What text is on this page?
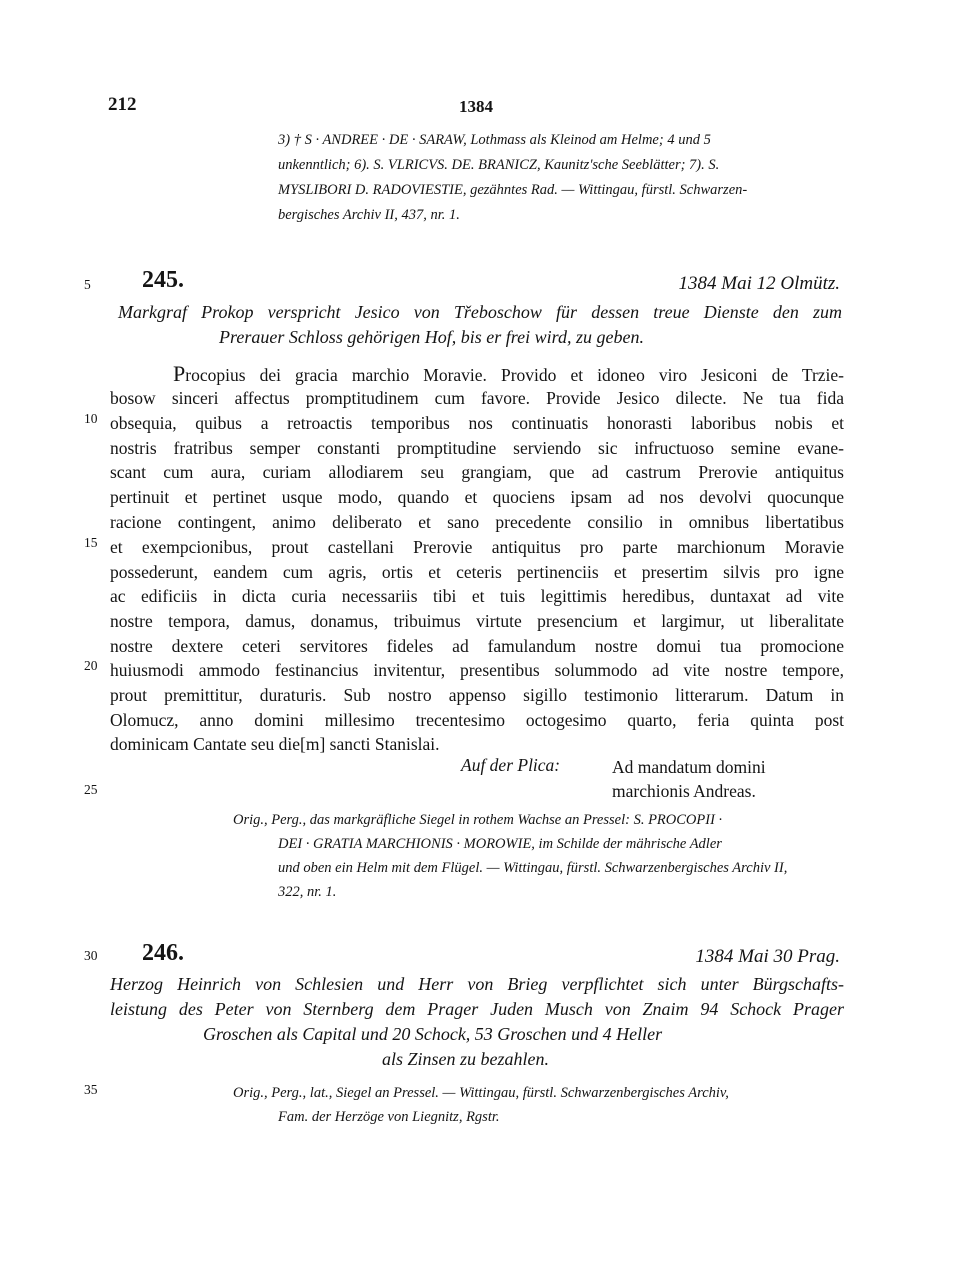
212	1384
3) † S · ANDREE · DE · SARAW, Lothmass als Kleinod am Helme; 4 und 5
unkenntlich; 6). S. VLRICVS. DE. BRANICZ, Kaunitz'sche Seeblätter; 7). S.
MYSLIBORI D. RADOVIESTIE, gezähntes Rad. — Wittingau, fürstl. Schwarzen-
bergisches Archiv II, 437, nr. 1.
5
10
15
20
25
30
35
245.	1384 Mai 12 Olmütz.
Markgraf Prokop verspricht Jesico von Třeboschow für dessen treue Dienste den zum
Prerauer Schloss gehörigen Hof, bis er frei wird, zu geben.
Procopius dei gracia marchio Moravie. Provido et idoneo viro Jesiconi de Trzie-
bosow sinceri affectus promptitudinem cum favore. Provide Jesico dilecte. Ne tua fida
obsequia, quibus a retroactis temporibus nos continuatis honorasti laboribus nobis et
nostris fratribus semper constanti promptitudine serviendo sic infructuoso semine evane-
scant cum aura, curiam allodiarem seu grangiam, que ad castrum Prerovie antiquitus
pertinuit et pertinet usque modo, quando et quociens ipsam ad nos devolvi quocunque
racione contingent, animo deliberato et sano precedente consilio in omnibus libertatibus
et exempcionibus, prout castellani Prerovie antiquitus pro parte marchionum Moravie
possederunt, eandem cum agris, ortis et ceteris pertinenciis et presertim silvis pro igne
ac edificiis in dicta curia necessariis tibi et tuis legittimis heredibus, duntaxat ad vite
nostre tempora, damus, donamus, tribuimus virtute presencium et largimur, ut liberalitate
nostre dextere ceteri servitores fideles ad famulandum nostre domui tua promocione
huiusmodi ammodo festinancius invitentur, presentibus solummodo ad vite nostre tempore,
prout premittitur, duraturis. Sub nostro appenso sigillo testimonio litterarum. Datum in
Olomucz, anno domini millesimo trecentesimo octogesimo quarto, feria quinta post
dominicam Cantate seu die[m] sancti Stanislai.
Auf der Plica:	Ad mandatum domini
marchionis Andreas.
Orig., Perg., das markgräfliche Siegel in rothem Wachse an Pressel: S. PROCOPII ·
DEI · GRATIA MARCHIONIS · MOROWIE, im Schilde der mährische Adler
und oben ein Helm mit dem Flügel. — Wittingau, fürstl. Schwarzenbergisches Archiv II,
322, nr. 1.
246.	1384 Mai 30 Prag.
Herzog Heinrich von Schlesien und Herr von Brieg verpflichtet sich unter Bürgschafts-
leistung des Peter von Sternberg dem Prager Juden Musch von Znaim 94 Schock Prager
Groschen als Capital und 20 Schock, 53 Groschen und 4 Heller
als Zinsen zu bezahlen.
Orig., Perg., lat., Siegel an Pressel. — Wittingau, fürstl. Schwarzenbergisches Archiv,
Fam. der Herzöge von Liegnitz, Rgstr.
